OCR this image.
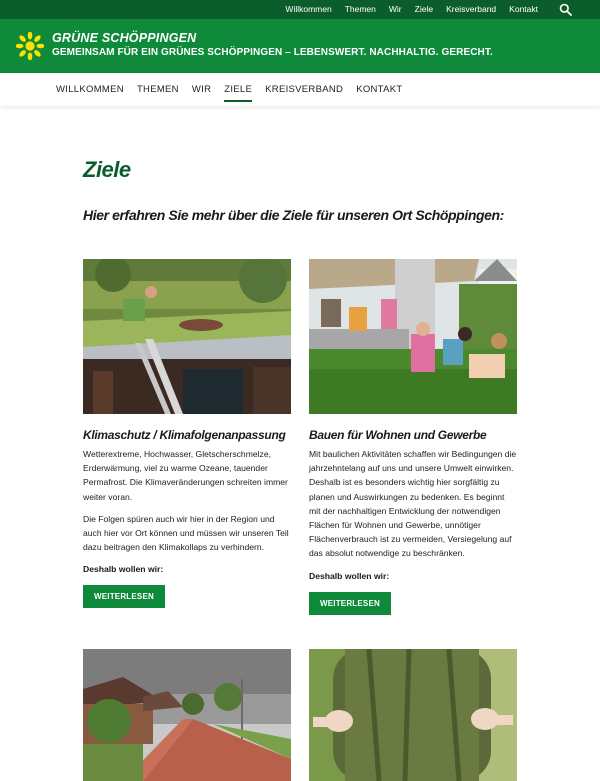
Willkommen Themen Wir Ziele Kreisverband Kontakt
GRÜNE SCHÖPPINGEN
GEMEINSAM FÜR EIN GRÜNES SCHÖPPINGEN – LEBENSWERT. NACHHALTIG. GERECHT.
WILLKOMMEN THEMEN WIR ZIELE KREISVERBAND KONTAKT
Ziele
Hier erfahren Sie mehr über die Ziele für unseren Ort Schöppingen:
Klimaschutz / Klimafolgenanpassung

Wetterextreme, Hochwasser, Gletscherschmelze, Erderwärmung, viel zu warme Ozeane, tauender Permafrost. Die Klimaveränderungen schreiten immer weiter voran.

Die Folgen spüren auch wir hier in der Region und auch hier vor Ort können und müssen wir unseren Teil dazu beitragen den Klimakollaps zu verhindern.

Deshalb wollen wir:
WEITERLESEN
Bauen für Wohnen und Gewerbe

Mit baulichen Aktivitäten schaffen wir Bedingungen die jahrzehntelang auf uns und unsere Umwelt einwirken. Deshalb ist es besonders wichtig hier sorgfältig zu planen und Auswirkungen zu bedenken. Es beginnt mit der nachhaltigen Entwicklung der notwendigen Flächen für Wohnen und Gewerbe, unnötiger Flächenverbrauch ist zu vermeiden, Versiegelung auf das absolut notwendige zu beschränken.

Deshalb wollen wir:
WEITERLESEN
